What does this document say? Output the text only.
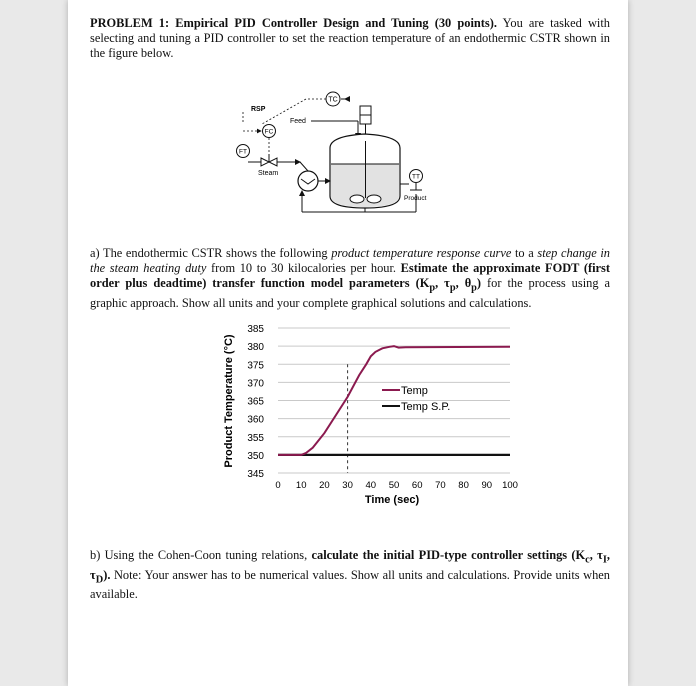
PROBLEM 1: Empirical PID Controller Design and Tuning (30 points). You are tasked with selecting and tuning a PID controller to set the reaction temperature of an endothermic CSTR shown in the figure below.
TC
RSP
Feed
FC
FT
Steam	TT
Product
a) The endothermic CSTR shows the following product temperature response curve to a step change in the steam heating duty from 10 to 30 kilocalories per hour. Estimate the approximate FODT (first order plus deadtime) transfer function model parameters ($K_p$, $\tau_p$, $\theta_p$) for the process using a graphic approach. Show all units and your complete graphical solutions and calculations.
Product Temperature (°C)
Time (sec)
345
350
355
360
365
370
375
380
385
0 10 20 30 40 50 60 70 80 90 100
Temp
Temp S.P.
b) Using the Cohen-Coon tuning relations, calculate the initial PID-type controller settings ($K_c$, $\tau_I$, $\tau_D$). Note: Your answer has to be numerical values. Show all units and calculations. Provide units when available.
